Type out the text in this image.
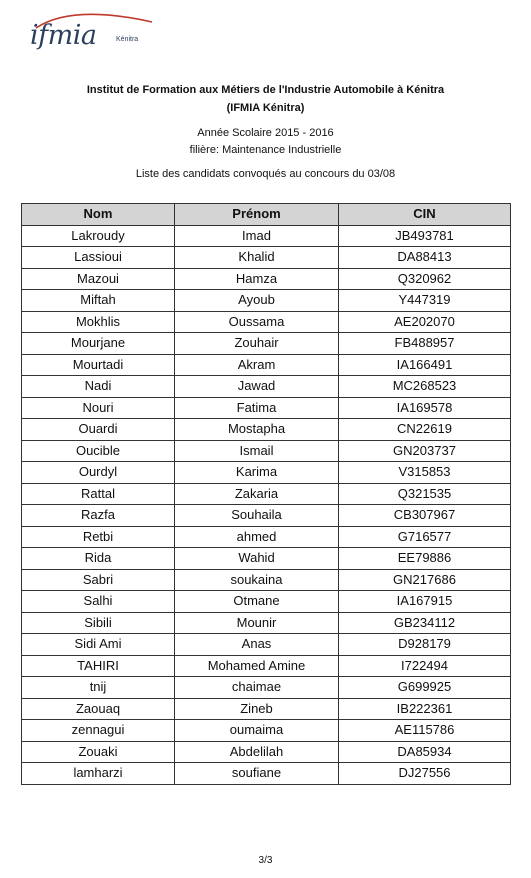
ifmia	Kénitra
Institut de Formation aux Métiers de l'Industrie Automobile à Kénitra
(IFMIA Kénitra)
Année Scolaire 2015 - 2016
filière: Maintenance Industrielle
Liste des candidats convoqués au concours du 03/08
Nom	Prénom	CIN
Lakroudy	Imad	JB493781
Lassioui	Khalid	DA88413
Mazoui	Hamza	Q320962
Miftah	Ayoub	Y447319
Mokhlis	Oussama	AE202070
Mourjane	Zouhair	FB488957
Mourtadi	Akram	IA166491
Nadi	Jawad	MC268523
Nouri	Fatima	IA169578
Ouardi	Mostapha	CN22619
Oucible	Ismail	GN203737
Ourdyl	Karima	V315853
Rattal	Zakaria	Q321535
Razfa	Souhaila	CB307967
Retbi	ahmed	G716577
Rida	Wahid	EE79886
Sabri	soukaina	GN217686
Salhi	Otmane	IA167915
Sibili	Mounir	GB234112
Sidi Ami	Anas	D928179
TAHIRI	Mohamed Amine	I722494
tnij	chaimae	G699925
Zaouaq	Zineb	IB222361
zennagui	oumaima	AE115786
Zouaki	Abdelilah	DA85934
lamharzi	soufiane	DJ27556
3/3
